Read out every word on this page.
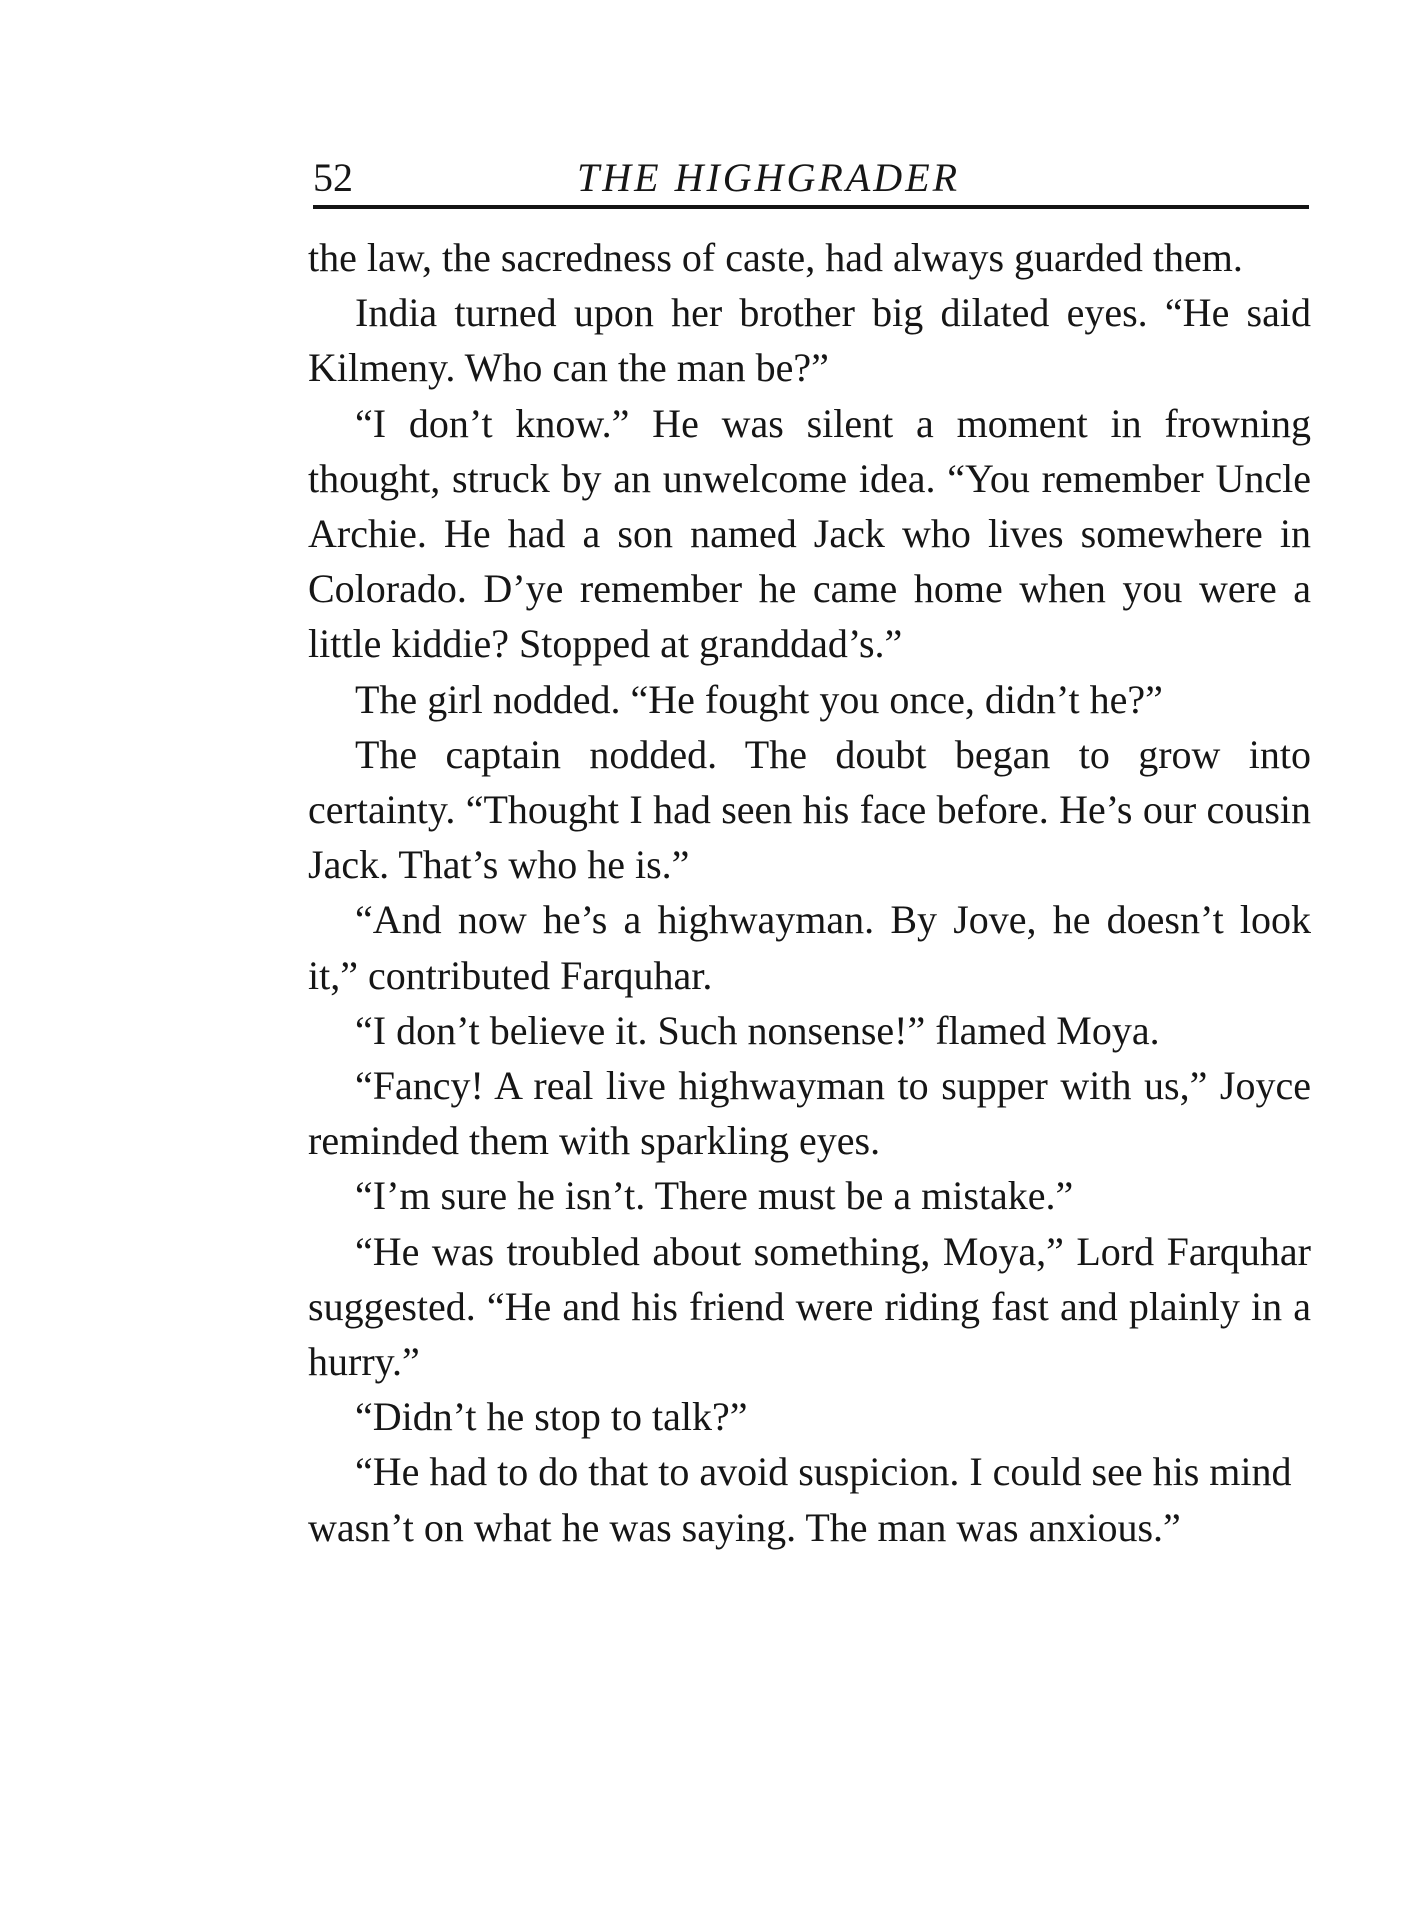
52	THE HIGHGRADER

the law, the sacredness of caste, had always guarded them.

India turned upon her brother big dilated eyes. “He said Kilmeny. Who can the man be?”

“I don’t know.” He was silent a moment in frowning thought, struck by an unwelcome idea. “You remember Uncle Archie. He had a son named Jack who lives somewhere in Colorado. D’ye remember he came home when you were a little kiddie? Stopped at granddad’s.”

The girl nodded. “He fought you once, didn’t he?”

The captain nodded. The doubt began to grow into certainty. “Thought I had seen his face before. He’s our cousin Jack. That’s who he is.”

“And now he’s a highwayman. By Jove, he doesn’t look it,” contributed Farquhar.

“I don’t believe it. Such nonsense!” flamed Moya.

“Fancy! A real live highwayman to supper with us,” Joyce reminded them with sparkling eyes.

“I’m sure he isn’t. There must be a mistake.”

“He was troubled about something, Moya,” Lord Farquhar suggested. “He and his friend were riding fast and plainly in a hurry.”

“Didn’t he stop to talk?”

“He had to do that to avoid suspicion. I could see his mind wasn’t on what he was saying. The man was anxious.”
